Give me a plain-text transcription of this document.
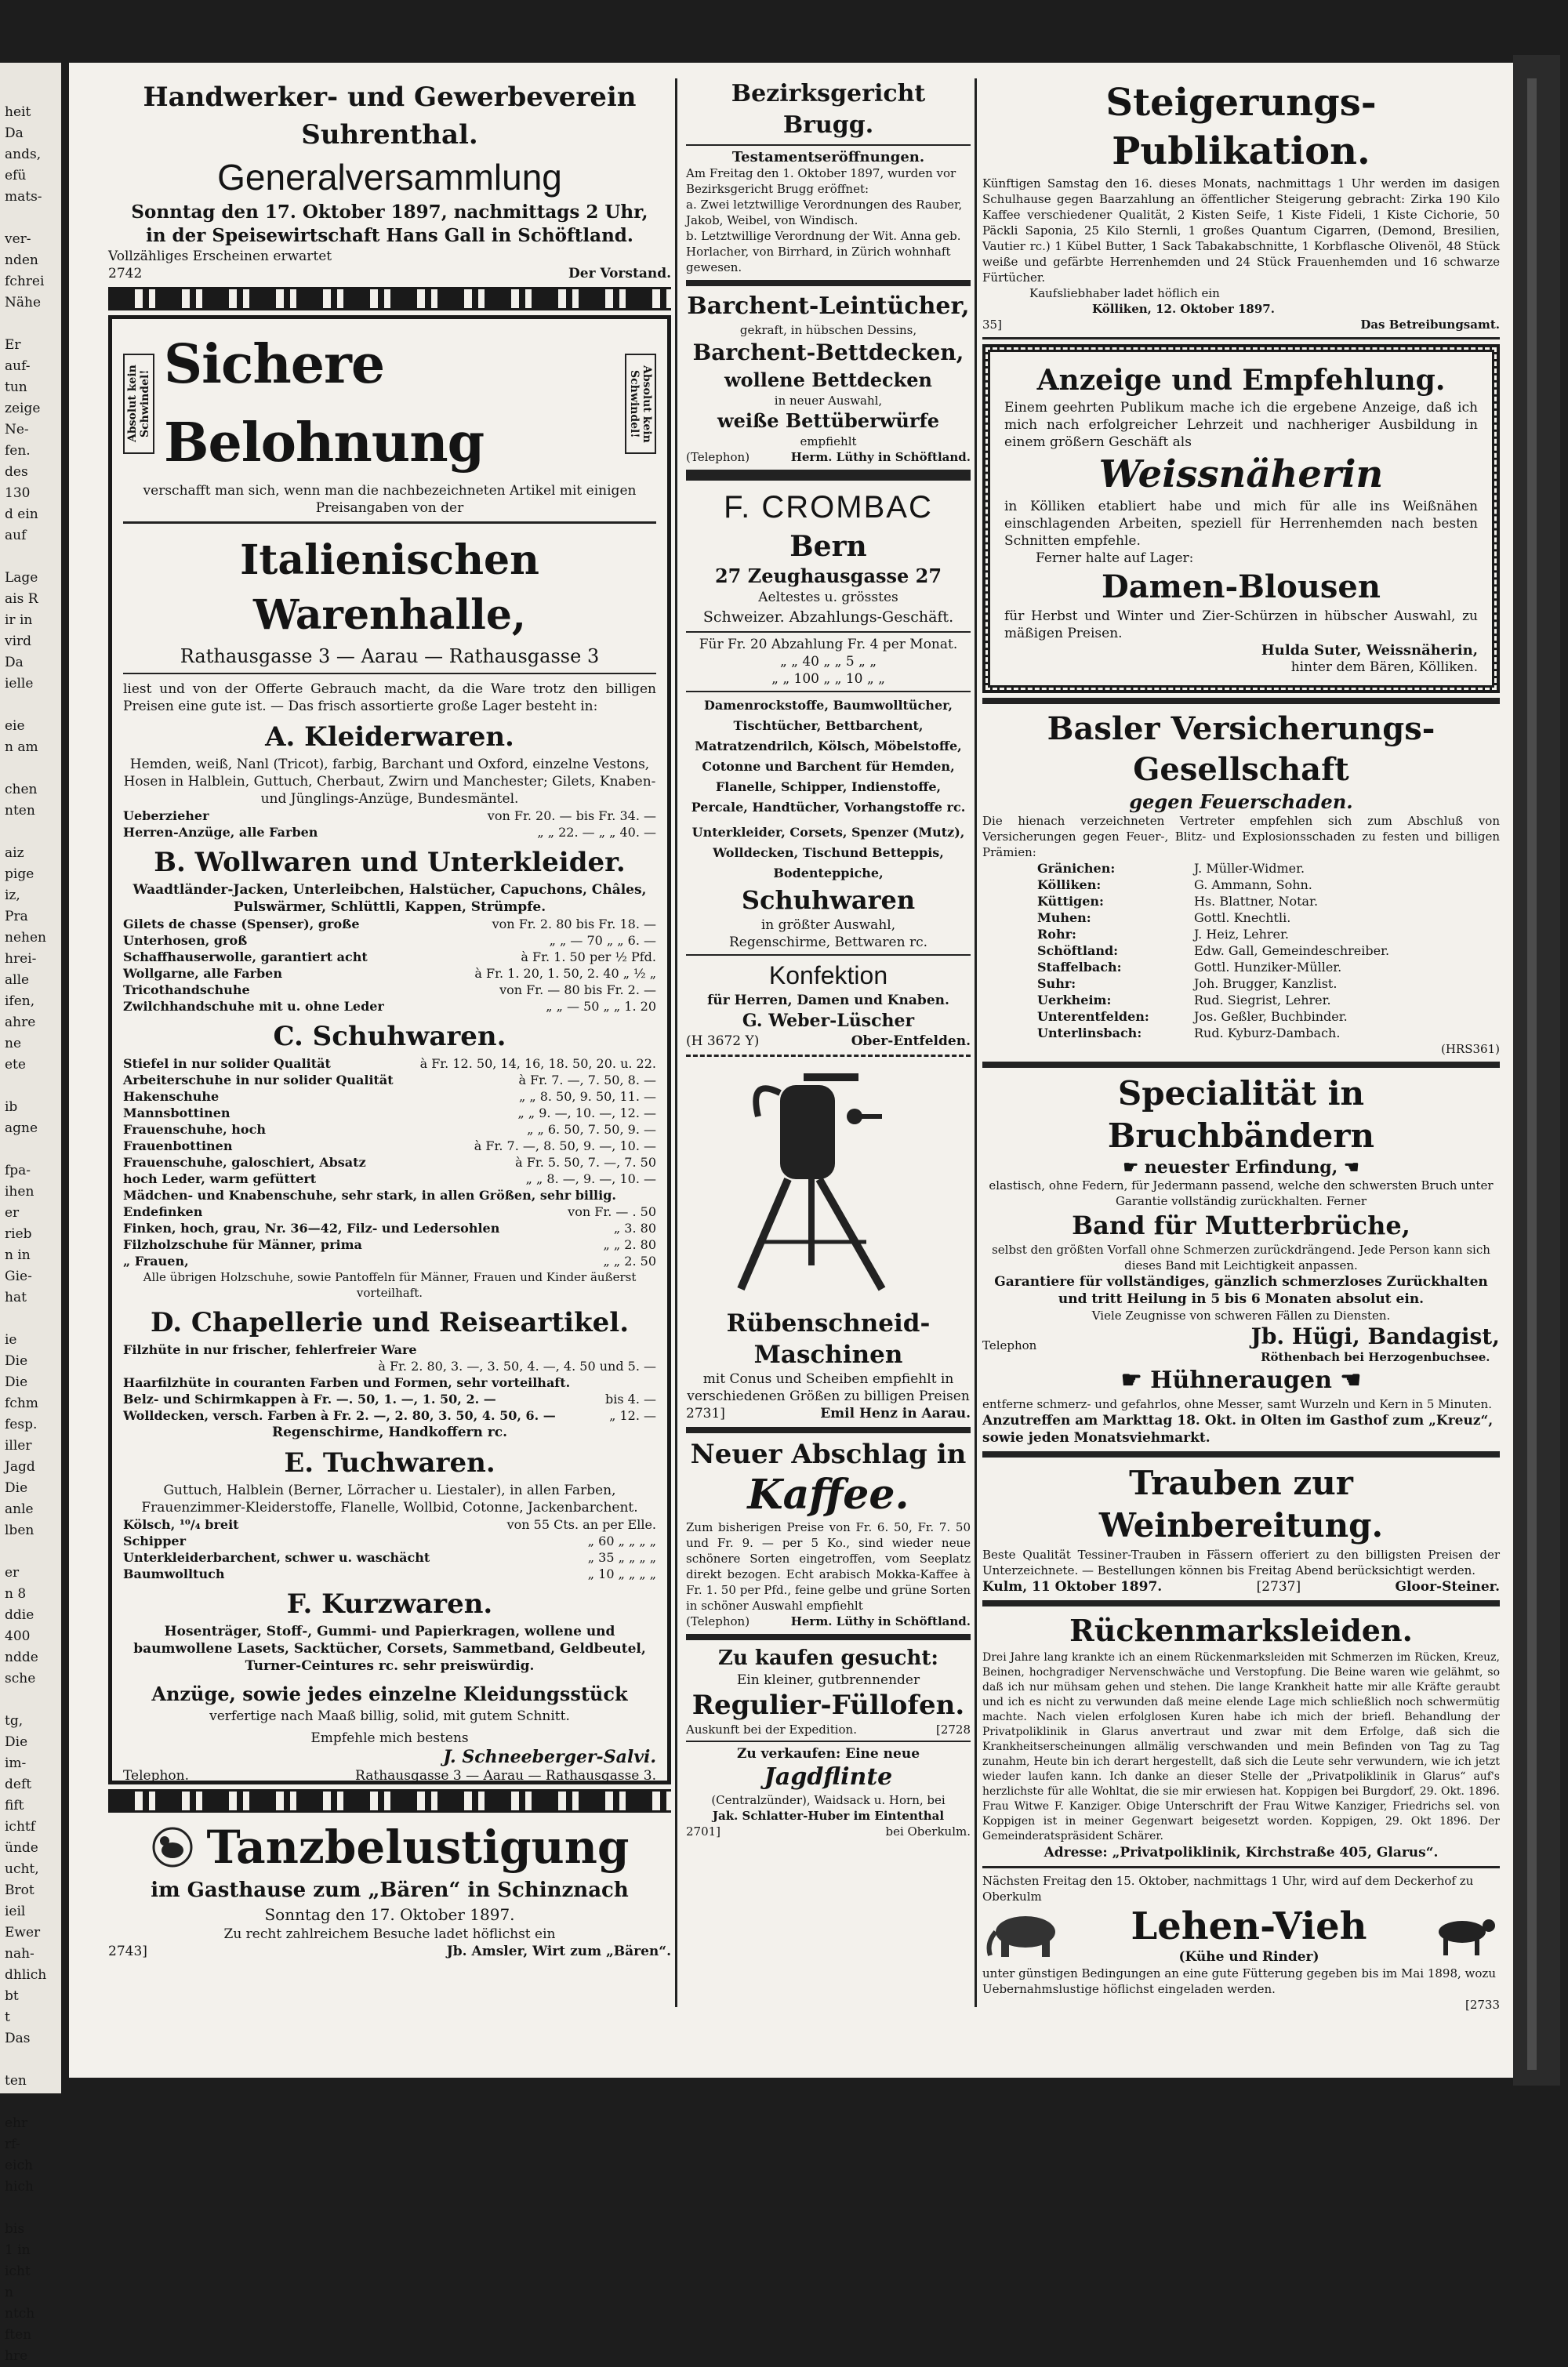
heit
Da
ands,
efü
mats-

ver-
nden
fchrei
Nähe

Er
auf-
tun
zeige
Ne-
fen.
des
130
d ein
auf

Lage
ais R
ir in
vird
Da
ielle

eie
n am

chen
nten

aiz
pige
iz,
Pra
nehen
hrei-
alle
ifen,
ahre
ne
ete

ib
agne

fpa-
ihen
er
rieb
n in
Gie-
hat

ie
Die
Die
fchm
fesp.
iller
Jagd
Die
anle
lben

er
n 8
ddie
400
ndde
sche

tg,
Die
im-
deft
fift
ichtf
ünde
ucht,
Brot
ieil
Ewer
nah-
dhlich
bt
t
Das

ten

ehr
rf-
eich
hich

bis
1 in
icht
n
ntch
ften
hre
Handwerker- und Gewerbeverein Suhrenthal.
Generalversammlung
Sonntag den 17. Oktober 1897, nachmittags 2 Uhr,
in der Speisewirtschaft Hans Gall in Schöftland.
Vollzähliges Erscheinen erwartet
2742	Der Vorstand.
Absolut kein Schwindel!
Sichere Belohnung
Absolut kein Schwindel!
verschafft man sich, wenn man die nachbezeichneten Artikel mit einigen Preisangaben von der
Italienischen Warenhalle,
Rathausgasse 3 — Aarau — Rathausgasse 3
liest und von der Offerte Gebrauch macht, da die Ware trotz den billigen Preisen eine gute ist. — Das frisch assortierte große Lager besteht in:
A. Kleiderwaren.
Hemden, weiß, Nanl (Tricot), farbig, Barchant und Oxford, einzelne Vestons, Hosen in Halblein, Guttuch, Cherbaut, Zwirn und Manchester; Gilets, Knaben- und Jünglings-Anzüge, Bundesmäntel.
Ueberzieher	von Fr. 20. — bis Fr. 34. —
Herren-Anzüge, alle Farben	„ „ 22. — „ „ 40. —
B. Wollwaren und Unterkleider.
Waadtländer-Jacken, Unterleibchen, Halstücher, Capuchons, Châles, Pulswärmer, Schlüttli, Kappen, Strümpfe.
Gilets de chasse (Spenser), große	von Fr. 2. 80 bis Fr. 18. —
Unterhosen, groß	„ „ — 70 „ „ 6. —
Schaffhauserwolle, garantiert acht	à Fr. 1. 50 per ½ Pfd.
Wollgarne, alle Farben	à Fr. 1. 20, 1. 50, 2. 40 „ ½ „
Tricothandschuhe	von Fr. — 80 bis Fr. 2. —
Zwilchhandschuhe mit u. ohne Leder	„ „ — 50 „ „ 1. 20
C. Schuhwaren.
Stiefel in nur solider Qualität	à Fr. 12. 50, 14, 16, 18. 50, 20. u. 22.
Arbeiterschuhe in nur solider Qualität	à Fr. 7. —, 7. 50, 8. —
Hakenschuhe	„ „ 8. 50, 9. 50, 11. —
Mannsbottinen	„ „ 9. —, 10. —, 12. —
Frauenschuhe, hoch	„ „ 6. 50, 7. 50, 9. —
Frauenbottinen	à Fr. 7. —, 8. 50, 9. —, 10. —
Frauenschuhe, galoschiert, Absatz	à Fr. 5. 50, 7. —, 7. 50
hoch Leder, warm gefüttert	„ „ 8. —, 9. —, 10. —
Mädchen- und Knabenschuhe, sehr stark, in allen Größen, sehr billig.
Endefinken	von Fr. — . 50
Finken, hoch, grau, Nr. 36—42, Filz- und Ledersohlen	„ 3. 80
Filzholzschuhe für Männer, prima	„ „ 2. 80
„ Frauen,	„ „ 2. 50
Alle übrigen Holzschuhe, sowie Pantoffeln für Männer, Frauen und Kinder äußerst vorteilhaft.
D. Chapellerie und Reiseartikel.
Filzhüte in nur frischer, fehlerfreier Ware
à Fr. 2. 80, 3. —, 3. 50, 4. —, 4. 50 und 5. —
Haarfilzhüte in couranten Farben und Formen, sehr vorteilhaft.
Belz- und Schirmkappen à Fr. —. 50, 1. —, 1. 50, 2. —	bis 4. —
Wolldecken, versch. Farben à Fr. 2. —, 2. 80, 3. 50, 4. 50, 6. —	„ 12. —
Regenschirme, Handkoffern rc.
E. Tuchwaren.
Guttuch, Halblein (Berner, Lörracher u. Liestaler), in allen Farben, Frauenzimmer-Kleiderstoffe, Flanelle, Wollbid, Cotonne, Jackenbarchent.
Kölsch, ¹⁰/₄ breit	von 55 Cts. an per Elle.
Schipper	„ 60 „ „ „ „
Unterkleiderbarchent, schwer u. waschächt	„ 35 „ „ „ „
Baumwolltuch	„ 10 „ „ „ „
F. Kurzwaren.
Hosenträger, Stoff-, Gummi- und Papierkragen, wollene und baumwollene Lasets, Sacktücher, Corsets, Sammetband, Geldbeutel, Turner-Ceintures rc. sehr preiswürdig.
Anzüge, sowie jedes einzelne Kleidungsstück
verfertige nach Maaß billig, solid, mit gutem Schnitt.
Empfehle mich bestens
J. Schneeberger-Salvi.
Telephon.	Rathausgasse 3 — Aarau — Rathausgasse 3.
Tanzbelustigung
im Gasthause zum „Bären“ in Schinznach
Sonntag den 17. Oktober 1897.
Zu recht zahlreichem Besuche ladet höflichst ein
2743]	Jb. Amsler, Wirt zum „Bären“.
Bezirksgericht Brugg.
Testamentseröffnungen.
Am Freitag den 1. Oktober 1897, wurden vor Bezirksgericht Brugg eröffnet:
a. Zwei letztwillige Verordnungen des Rauber, Jakob, Weibel, von Windisch.
b. Letztwillige Verordnung der Wit. Anna geb. Horlacher, von Birrhard, in Zürich wohnhaft gewesen.
Barchent-Leintücher,
gekraft, in hübschen Dessins,
Barchent-Bettdecken,
wollene Bettdecken
in neuer Auswahl,
weiße Bettüberwürfe
empfiehlt
(Telephon)	Herm. Lüthy in Schöftland.
F. CROMBAC
Bern
27 Zeughausgasse 27
Aeltestes u. grösstes
Schweizer. Abzahlungs-Geschäft.
Für Fr. 20 Abzahlung Fr. 4 per Monat.
„ „ 40 „ „ 5 „ „
„ „ 100 „ „ 10 „ „
Damenrockstoffe, Baumwolltücher, Tischtücher, Bettbarchent, Matratzendrilch, Kölsch, Möbelstoffe, Cotonne und Barchent für Hemden, Flanelle, Schipper, Indienstoffe, Percale, Handtücher, Vorhangstoffe rc.
Unterkleider, Corsets, Spenzer (Mutz), Wolldecken, Tischund Betteppis, Bodenteppiche,
Schuhwaren
in größter Auswahl,
Regenschirme, Bettwaren rc.
Konfektion
für Herren, Damen und Knaben.
G. Weber-Lüscher
(H 3672 Y)	Ober-Entfelden.
Rübenschneid-Maschinen
mit Conus und Scheiben empfiehlt in verschiedenen Größen zu billigen Preisen
2731]	Emil Henz in Aarau.
Neuer Abschlag in
Kaffee.
Zum bisherigen Preise von Fr. 6. 50, Fr. 7. 50 und Fr. 9. — per 5 Ko., sind wieder neue schönere Sorten eingetroffen, vom Seeplatz direkt bezogen. Echt arabisch Mokka-Kaffee à Fr. 1. 50 per Pfd., feine gelbe und grüne Sorten in schöner Auswahl empfiehlt
(Telephon)	Herm. Lüthy in Schöftland.
Zu kaufen gesucht:
Ein kleiner, gutbrennender
Regulier-Füllofen.
Auskunft bei der Expedition.	[2728
Zu verkaufen: Eine neue
Jagdflinte
(Centralzünder), Waidsack u. Horn, bei
Jak. Schlatter-Huber im Eintenthal
2701]	bei Oberkulm.
Steigerungs-Publikation.
Künftigen Samstag den 16. dieses Monats, nachmittags 1 Uhr werden im dasigen Schulhause gegen Baarzahlung an öffentlicher Steigerung gebracht: Zirka 190 Kilo Kaffee verschiedener Qualität, 2 Kisten Seife, 1 Kiste Fideli, 1 Kiste Cichorie, 50 Päckli Saponia, 25 Kilo Sternli, 1 großes Quantum Cigarren, (Demond, Bresilien, Vautier rc.) 1 Kübel Butter, 1 Sack Tabakabschnitte, 1 Korbflasche Olivenöl, 48 Stück weiße und gefärbte Herrenhemden und 24 Stück Frauenhemden und 16 schwarze Fürtücher.
Kaufsliebhaber ladet höflich ein
Kölliken, 12. Oktober 1897.
35]	Das Betreibungsamt.
Anzeige und Empfehlung.
Einem geehrten Publikum mache ich die ergebene Anzeige, daß ich mich nach erfolgreicher Lehrzeit und nachheriger Ausbildung in einem größern Geschäft als
Weissnäherin
in Kölliken etabliert habe und mich für alle ins Weißnähen einschlagenden Arbeiten, speziell für Herrenhemden nach besten Schnitten empfehle.
Ferner halte auf Lager:
Damen-Blousen
für Herbst und Winter und Zier-Schürzen in hübscher Auswahl, zu mäßigen Preisen.
Hulda Suter, Weissnäherin,
hinter dem Bären, Kölliken.
Basler Versicherungs-Gesellschaft
gegen Feuerschaden.
Die hienach verzeichneten Vertreter empfehlen sich zum Abschluß von Versicherungen gegen Feuer-, Blitz- und Explosionsschaden zu festen und billigen Prämien:
Gränichen:	J. Müller-Widmer.
Kölliken:	G. Ammann, Sohn.
Küttigen:	Hs. Blattner, Notar.
Muhen:	Gottl. Knechtli.
Rohr:	J. Heiz, Lehrer.
Schöftland:	Edw. Gall, Gemeindeschreiber.
Staffelbach:	Gottl. Hunziker-Müller.
Suhr:	Joh. Brugger, Kanzlist.
Uerkheim:	Rud. Siegrist, Lehrer.
Unterentfelden:	Jos. Geßler, Buchbinder.
Unterlinsbach:	Rud. Kyburz-Dambach.
(HRS361)
Specialität in Bruchbändern
☛ neuester Erfindung, ☚
elastisch, ohne Federn, für Jedermann passend, welche den schwersten Bruch unter Garantie vollständig zurückhalten. Ferner
Band für Mutterbrüche,
selbst den größten Vorfall ohne Schmerzen zurückdrängend. Jede Person kann sich dieses Band mit Leichtigkeit anpassen.
Garantiere für vollständiges, gänzlich schmerzloses Zurückhalten und tritt Heilung in 5 bis 6 Monaten absolut ein.
Viele Zeugnisse von schweren Fällen zu Diensten.
Telephon	Jb. Hügi, Bandagist,
Röthenbach bei Herzogenbuchsee.
☛ Hühneraugen ☚
entferne schmerz- und gefahrlos, ohne Messer, samt Wurzeln und Kern in 5 Minuten.
Anzutreffen am Markttag 18. Okt. in Olten im Gasthof zum „Kreuz“, sowie jeden Monatsviehmarkt.
Trauben zur Weinbereitung.
Beste Qualität Tessiner-Trauben in Fässern offeriert zu den billigsten Preisen der Unterzeichnete. — Bestellungen können bis Freitag Abend berücksichtigt werden.
Kulm, 11 Oktober 1897.	[2737]	Gloor-Steiner.
Rückenmarksleiden.
Drei Jahre lang krankte ich an einem Rückenmarksleiden mit Schmerzen im Rücken, Kreuz, Beinen, hochgradiger Nervenschwäche und Verstopfung. Die Beine waren wie gelähmt, so daß ich nur mühsam gehen und stehen. Die lange Krankheit hatte mir alle Kräfte geraubt und ich es nicht zu verwunden daß meine elende Lage mich schließlich noch schwermütig machte. Nach vielen erfolglosen Kuren habe ich mich der briefl. Behandlung der Privatpoliklinik in Glarus anvertraut und zwar mit dem Erfolge, daß sich die Krankheitserscheinungen allmälig verschwanden und mein Befinden von Tag zu Tag zunahm, Heute bin ich derart hergestellt, daß sich die Leute sehr verwundern, wie ich jetzt wieder laufen kann. Ich danke an dieser Stelle der „Privatpoliklinik in Glarus“ auf's herzlichste für alle Wohltat, die sie mir erwiesen hat. Koppigen bei Burgdorf, 29. Okt. 1896. Frau Witwe F. Kanziger. Obige Unterschrift der Frau Witwe Kanziger, Friedrichs sel. von Koppigen ist in meiner Gegenwart beigesetzt worden. Koppigen, 29. Okt 1896. Der Gemeinderatspräsident Schärer.
Adresse: „Privatpoliklinik, Kirchstraße 405, Glarus“.
Nächsten Freitag den 15. Oktober, nachmittags 1 Uhr, wird auf dem Deckerhof zu Oberkulm
Lehen-Vieh
(Kühe und Rinder)
unter günstigen Bedingungen an eine gute Fütterung gegeben bis im Mai 1898, wozu Uebernahmslustige höflichst eingeladen werden.
[2733
